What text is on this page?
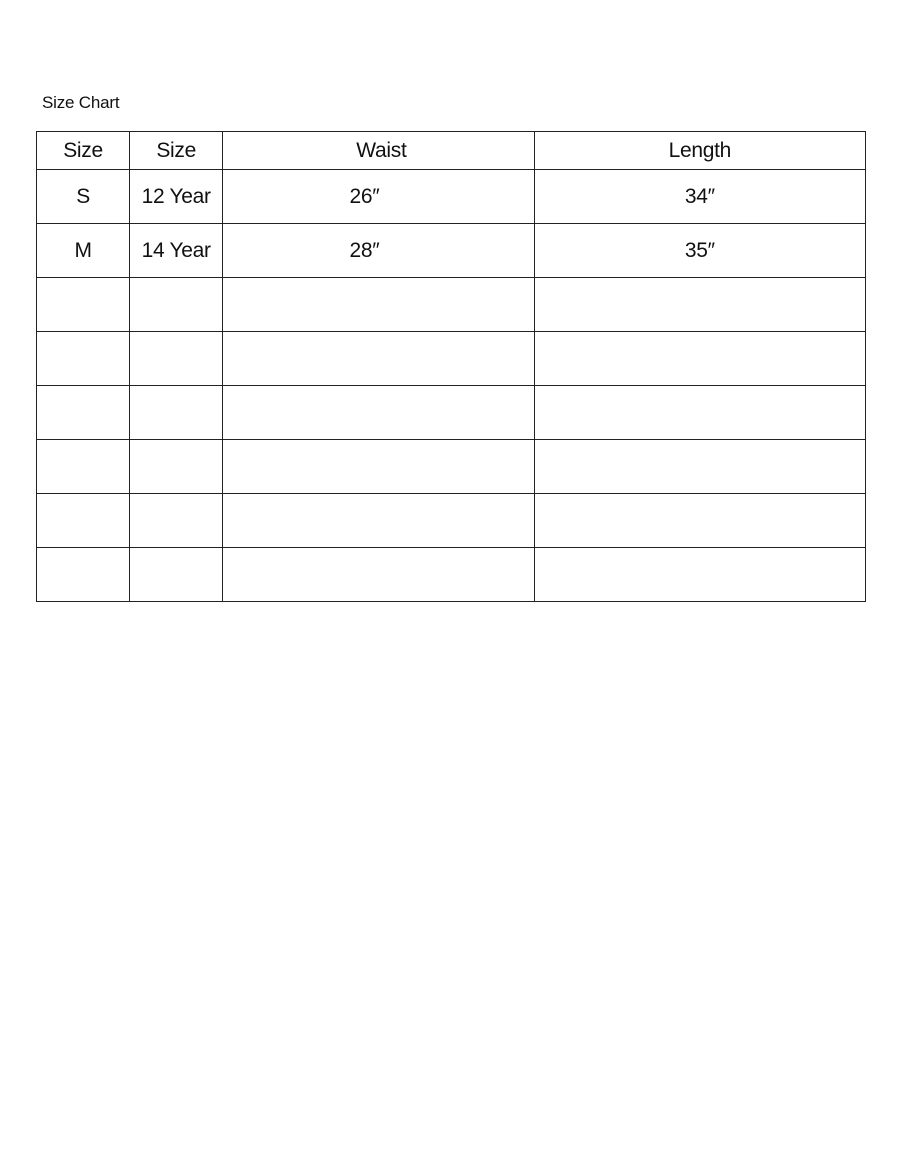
Size Chart
Size	Size	Waist	Length
S	12 Year	26″	34″
M	14 Year	28″	35″
